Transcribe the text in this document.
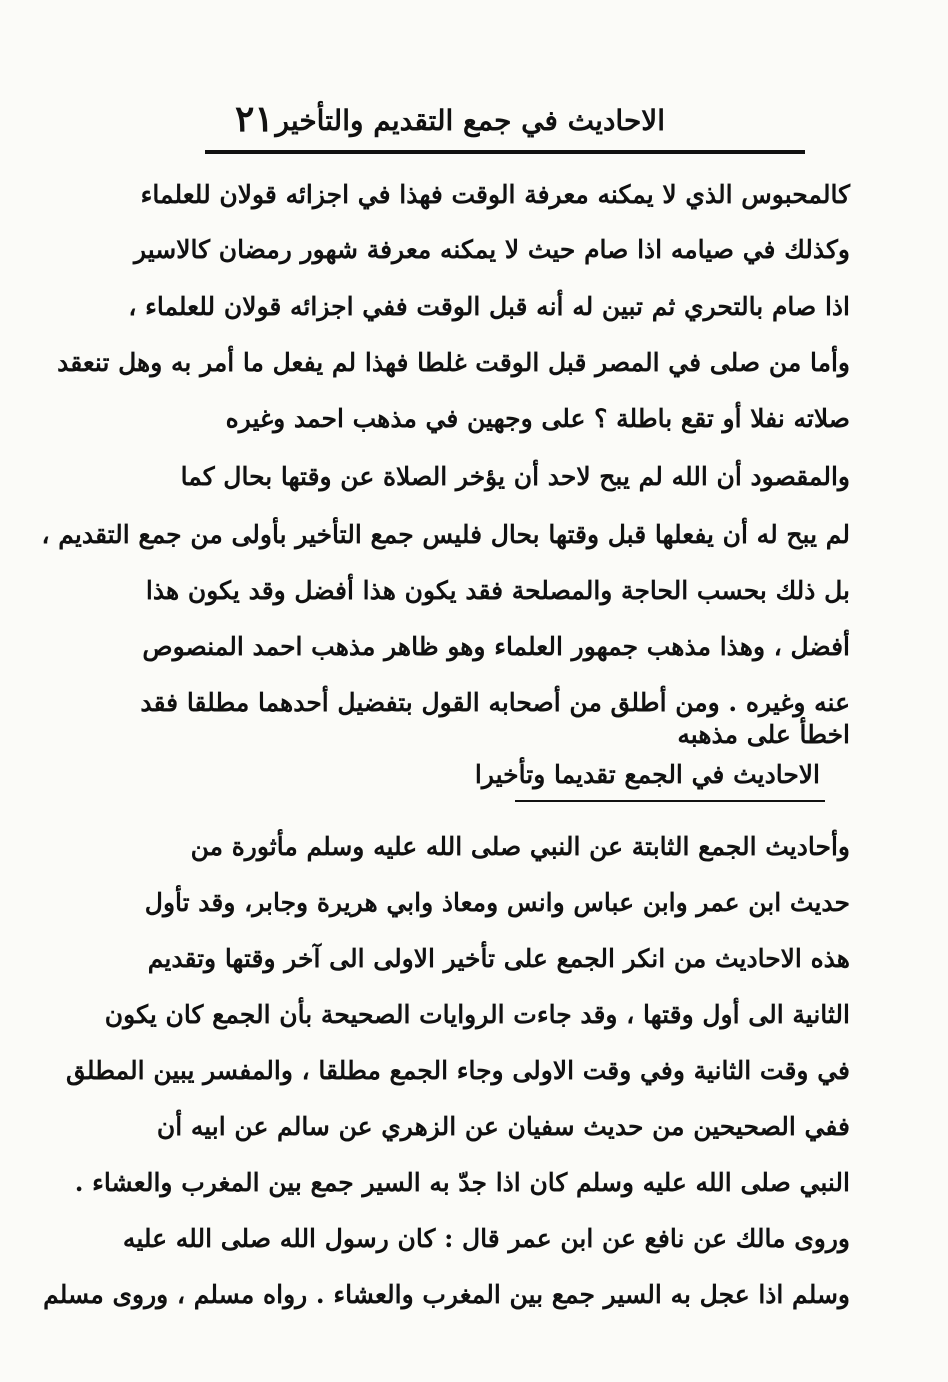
الاحاديث في جمع التقديم والتأخير
٢١
كالمحبوس الذي لا يمكنه معرفة الوقت فهذا في اجزائه قولان للعلماء
وكذلك في صيامه اذا صام حيث لا يمكنه معرفة شهور رمضان كالاسير
اذا صام بالتحري ثم تبين له أنه قبل الوقت ففي اجزائه قولان للعلماء ،
وأما من صلى في المصر قبل الوقت غلطا فهذا لم يفعل ما أمر به وهل تنعقد
صلاته نفلا أو تقع باطلة ؟ على وجهين في مذهب احمد وغيره
والمقصود أن الله لم يبح لاحد أن يؤخر الصلاة عن وقتها بحال كما
لم يبح له أن يفعلها قبل وقتها بحال فليس جمع التأخير بأولى من جمع التقديم ،
بل ذلك بحسب الحاجة والمصلحة فقد يكون هذا أفضل وقد يكون هذا
أفضل ، وهذا مذهب جمهور العلماء وهو ظاهر مذهب احمد المنصوص
عنه وغيره . ومن أطلق من أصحابه القول بتفضيل أحدهما مطلقا فقد
اخطأ على مذهبه
الاحاديث في الجمع تقديما وتأخيرا
وأحاديث الجمع الثابتة عن النبي صلى الله عليه وسلم مأثورة من
حديث ابن عمر وابن عباس وانس ومعاذ وابي هريرة وجابر، وقد تأول
هذه الاحاديث من انكر الجمع على تأخير الاولى الى آخر وقتها وتقديم
الثانية الى أول وقتها ، وقد جاءت الروايات الصحيحة بأن الجمع كان يكون
في وقت الثانية وفي وقت الاولى وجاء الجمع مطلقا ، والمفسر يبين المطلق
ففي الصحيحين من حديث سفيان عن الزهري عن سالم عن ابيه أن
النبي صلى الله عليه وسلم كان اذا جدّ به السير جمع بين المغرب والعشاء .
وروى مالك عن نافع عن ابن عمر قال : كان رسول الله صلى الله عليه
وسلم اذا عجل به السير جمع بين المغرب والعشاء . رواه مسلم ، وروى مسلم
